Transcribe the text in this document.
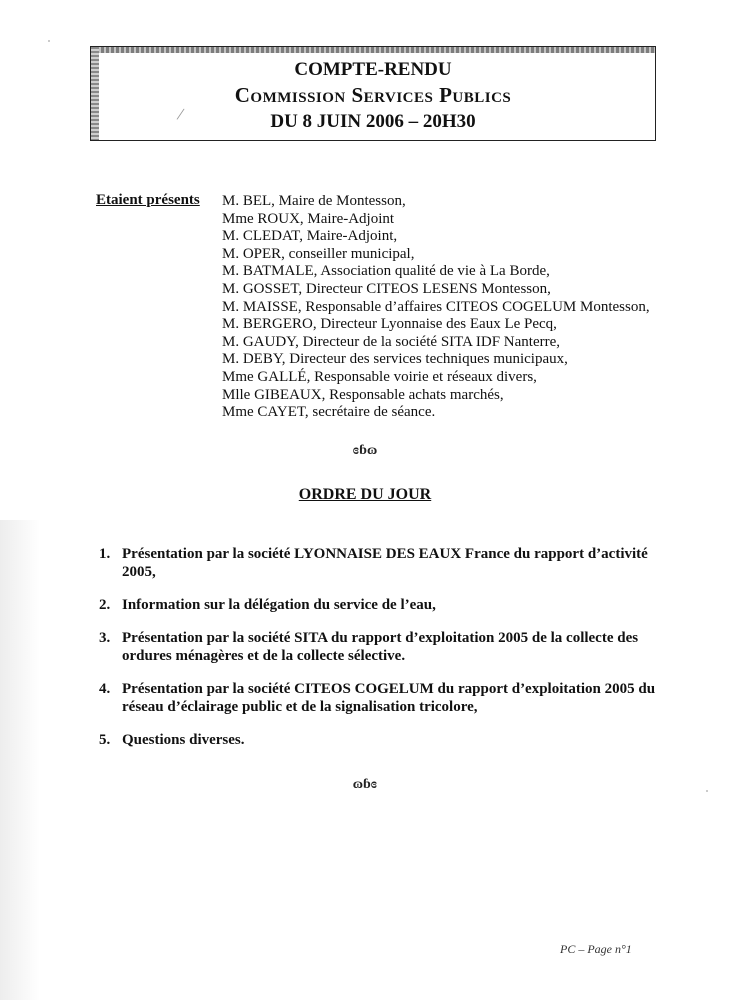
COMPTE-RENDU
Commission Services Publics
DU 8 JUIN 2006 – 20H30
/
Etaient présents M. BEL, Maire de Montesson,
Mme ROUX, Maire-Adjoint
M. CLEDAT, Maire-Adjoint,
M. OPER, conseiller municipal,
M. BATMALE, Association qualité de vie à La Borde,
M. GOSSET, Directeur CITEOS LESENS Montesson,
M. MAISSE, Responsable d’affaires CITEOS COGELUM Montesson,
M. BERGERO, Directeur Lyonnaise des Eaux Le Pecq,
M. GAUDY, Directeur de la société SITA IDF Nanterre,
M. DEBY, Directeur des services techniques municipaux,
Mme GALLÉ, Responsable voirie et réseaux divers,
Mlle GIBEAUX, Responsable achats marchés,
Mme CAYET, secrétaire de séance.
ɞɓɷ
ORDRE DU JOUR
1. Présentation par la société LYONNAISE DES EAUX France du rapport d’activité 2005,
2. Information sur la délégation du service de l’eau,
3. Présentation par la société SITA du rapport d’exploitation 2005 de la collecte des ordures ménagères et de la collecte sélective.
4. Présentation par la société CITEOS COGELUM du rapport d’exploitation 2005 du réseau d’éclairage public et de la signalisation tricolore,
5. Questions diverses.
ɷɓɞ
PC – Page n°1
